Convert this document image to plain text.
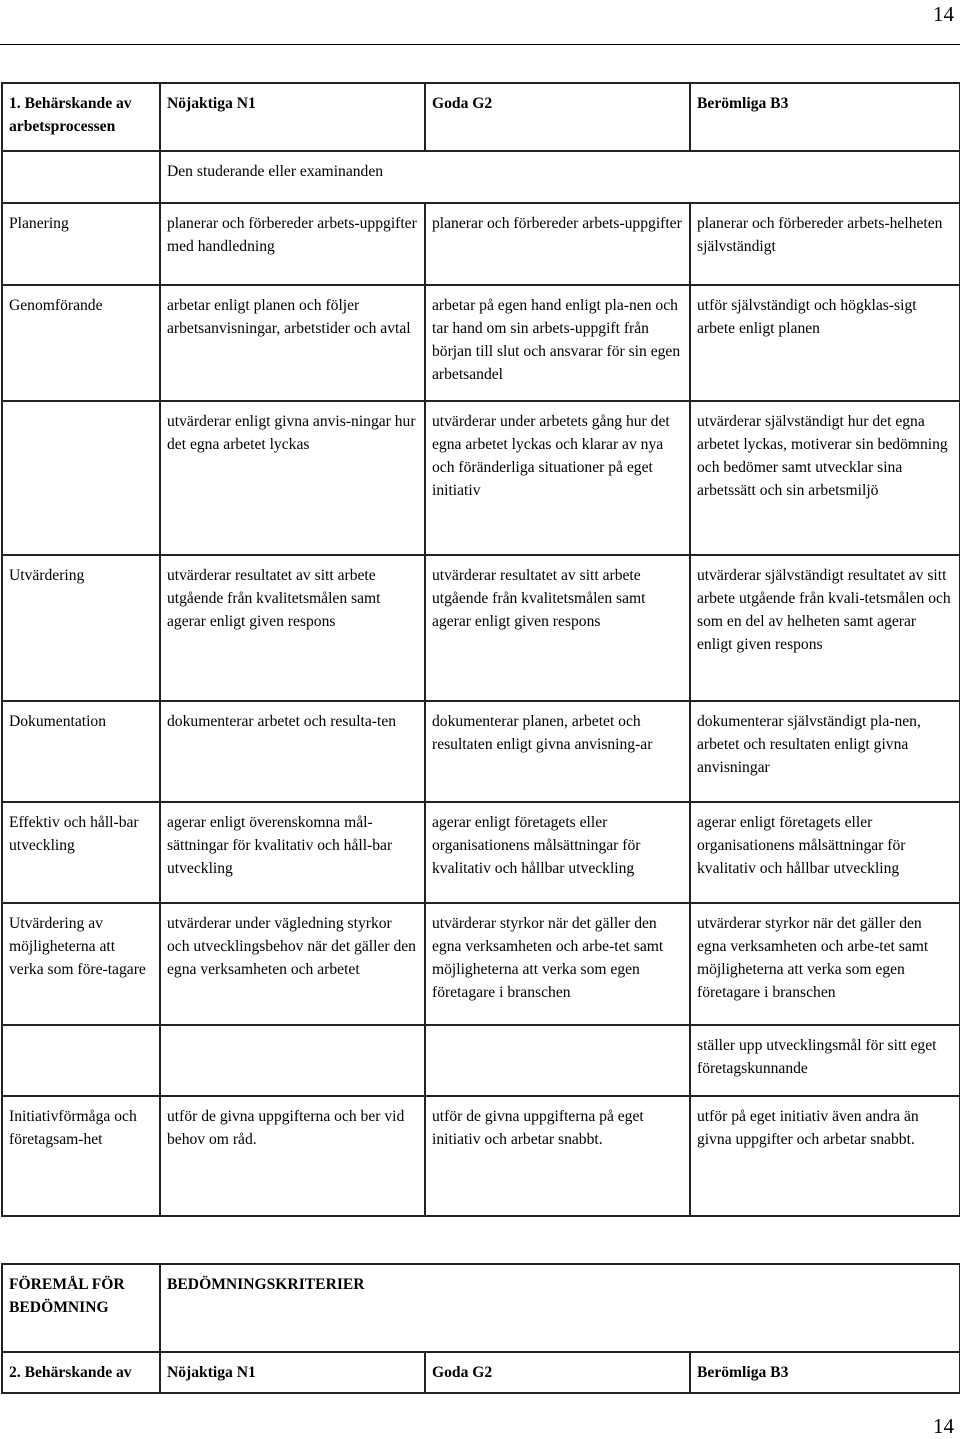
14
1. Behärskande av arbetsprocessen	Nöjaktiga N1	Goda G2	Berömliga B3
	Den studerande eller examinanden		
Planering	planerar och förbereder arbets-uppgifter med handledning	planerar och förbereder arbets-uppgifter	planerar och förbereder arbets-helheten självständigt
Genomförande	arbetar enligt planen och följer arbetsanvisningar, arbetstider och avtal	arbetar på egen hand enligt pla-nen och tar hand om sin arbets-uppgift från början till slut och ansvarar för sin egen arbetsandel	utför självständigt och högklas-sigt arbete enligt planen
	utvärderar enligt givna anvis-ningar hur det egna arbetet lyckas	utvärderar under arbetets gång hur det egna arbetet lyckas och klarar av nya och föränderliga situationer på eget initiativ	utvärderar självständigt hur det egna arbetet lyckas, motiverar sin bedömning och bedömer samt utvecklar sina arbetssätt och sin arbetsmiljö
Utvärdering	utvärderar resultatet av sitt arbete utgående från kvalitetsmålen samt agerar enligt given respons	utvärderar resultatet av sitt arbete utgående från kvalitetsmålen samt agerar enligt given respons	utvärderar självständigt resultatet av sitt arbete utgående från kvali-tetsmålen och som en del av helheten samt agerar enligt given respons
Dokumentation	dokumenterar arbetet och resulta-ten	dokumenterar planen, arbetet och resultaten enligt givna anvisning-ar	dokumenterar självständigt pla-nen, arbetet och resultaten enligt givna anvisningar
Effektiv och håll-bar utveckling	agerar enligt överenskomna mål-sättningar för kvalitativ och håll-bar utveckling	agerar enligt företagets eller organisationens målsättningar för kvalitativ och hållbar utveckling	agerar enligt företagets eller organisationens målsättningar för kvalitativ och hållbar utveckling
Utvärdering av möjligheterna att verka som före-tagare	utvärderar under vägledning styrkor och utvecklingsbehov när det gäller den egna verksamheten och arbetet	utvärderar styrkor när det gäller den egna verksamheten och arbe-tet samt möjligheterna att verka som egen företagare i branschen	utvärderar styrkor när det gäller den egna verksamheten och arbe-tet samt möjligheterna att verka som egen företagare i branschen
			ställer upp utvecklingsmål för sitt eget företagskunnande
Initiativförmåga och företagsam-het	utför de givna uppgifterna och ber vid behov om råd.	utför de givna uppgifterna på eget initiativ och arbetar snabbt.	utför på eget initiativ även andra än givna uppgifter och arbetar snabbt.
FÖREMÅL FÖR BEDÖMNING	BEDÖMNINGSKRITERIER		
2. Behärskande av	Nöjaktiga N1	Goda G2	Berömliga B3
14
